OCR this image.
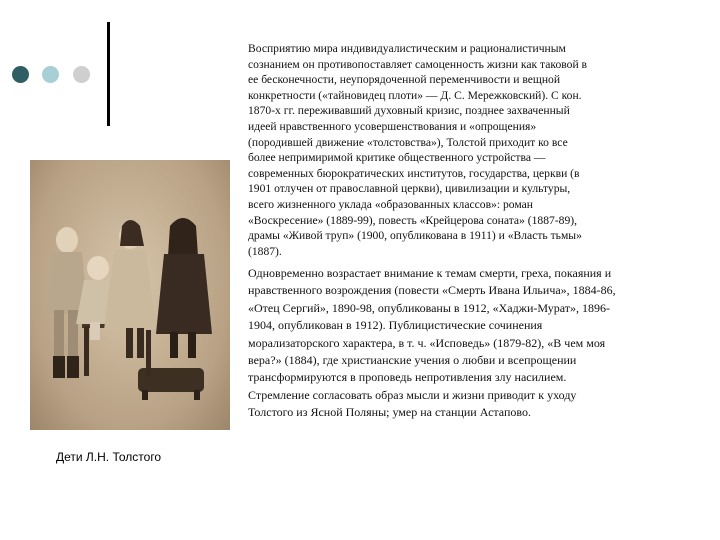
Дети Л.Н. Толстого

Восприятию мира индивидуалистическим и рационалистичным
сознанием он противопоставляет самоценность жизни как таковой в
ее бесконечности, неупорядоченной переменчивости и вещной
конкретности («тайновидец плоти» — Д. С. Мережковский). С кон.
1870-х гг. переживавший духовный кризис, позднее захваченный
идеей нравственного усовершенствования и «опрощения»
(породившей движение «толстовства»), Толстой приходит ко все
более непримиримой критике общественного устройства —
современных бюрократических институтов, государства, церкви (в
1901 отлучен от православной церкви), цивилизации и культуры,
всего жизненного уклада «образованных классов»: роман
«Воскресение» (1889-99), повесть «Крейцерова соната» (1887-89),
драмы «Живой труп» (1900, опубликована в 1911) и «Власть тьмы»
(1887).
Одновременно возрастает внимание к темам смерти, греха, покаяния и
нравственного возрождения (повести «Смерть Ивана Ильича», 1884-86,
«Отец Сергий», 1890-98, опубликованы в 1912, «Хаджи-Мурат», 1896-
1904, опубликован в 1912). Публицистические сочинения
морализаторского характера, в т. ч. «Исповедь» (1879-82), «В чем моя
вера?» (1884), где христианские учения о любви и всепрощении
трансформируются в проповедь непротивления злу насилием.
Стремление согласовать образ мысли и жизни приводит к уходу
Толстого из Ясной Поляны; умер на станции Астапово.
